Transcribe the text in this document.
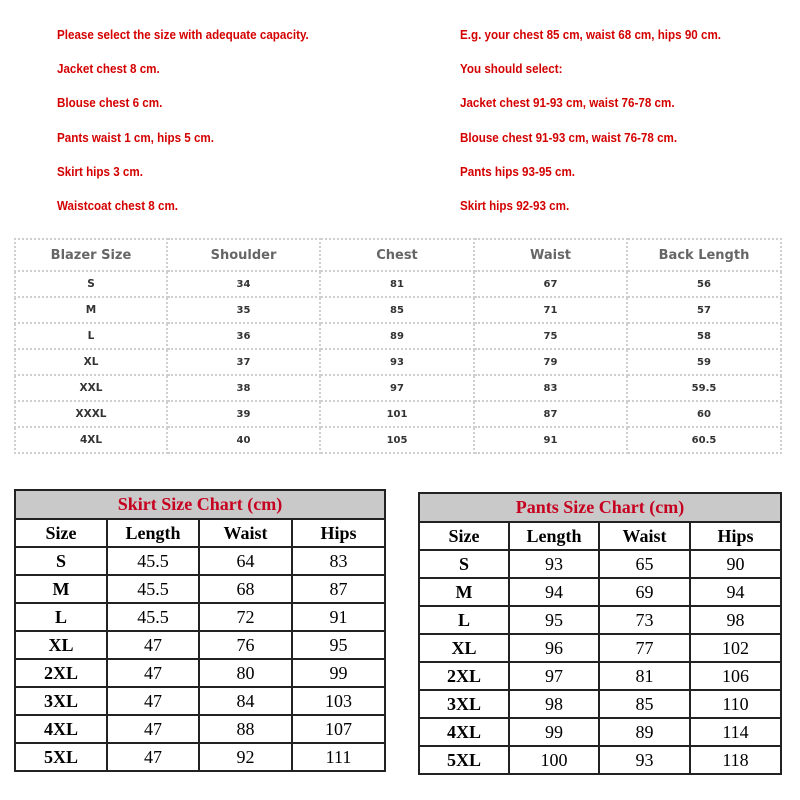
Please select the size with adequate capacity.
Jacket chest 8 cm.
Blouse chest 6 cm.
Pants waist 1 cm, hips 5 cm.
Skirt hips 3 cm.
Waistcoat chest 8 cm.
E.g. your chest 85 cm, waist 68 cm, hips 90 cm.
You should select:
Jacket chest 91-93 cm, waist 76-78 cm.
Blouse chest 91-93 cm, waist 76-78 cm.
Pants hips 93-95 cm.
Skirt hips 92-93 cm.
Blazer Size	Shoulder	Chest	Waist	Back Length
S	34	81	67	56
M	35	85	71	57
L	36	89	75	58
XL	37	93	79	59
XXL	38	97	83	59.5
XXXL	39	101	87	60
4XL	40	105	91	60.5
Skirt Size Chart (cm)			
Size	Length	Waist	Hips
S	45.5	64	83
M	45.5	68	87
L	45.5	72	91
XL	47	76	95
2XL	47	80	99
3XL	47	84	103
4XL	47	88	107
5XL	47	92	111
Pants Size Chart (cm)			
Size	Length	Waist	Hips
S	93	65	90
M	94	69	94
L	95	73	98
XL	96	77	102
2XL	97	81	106
3XL	98	85	110
4XL	99	89	114
5XL	100	93	118
